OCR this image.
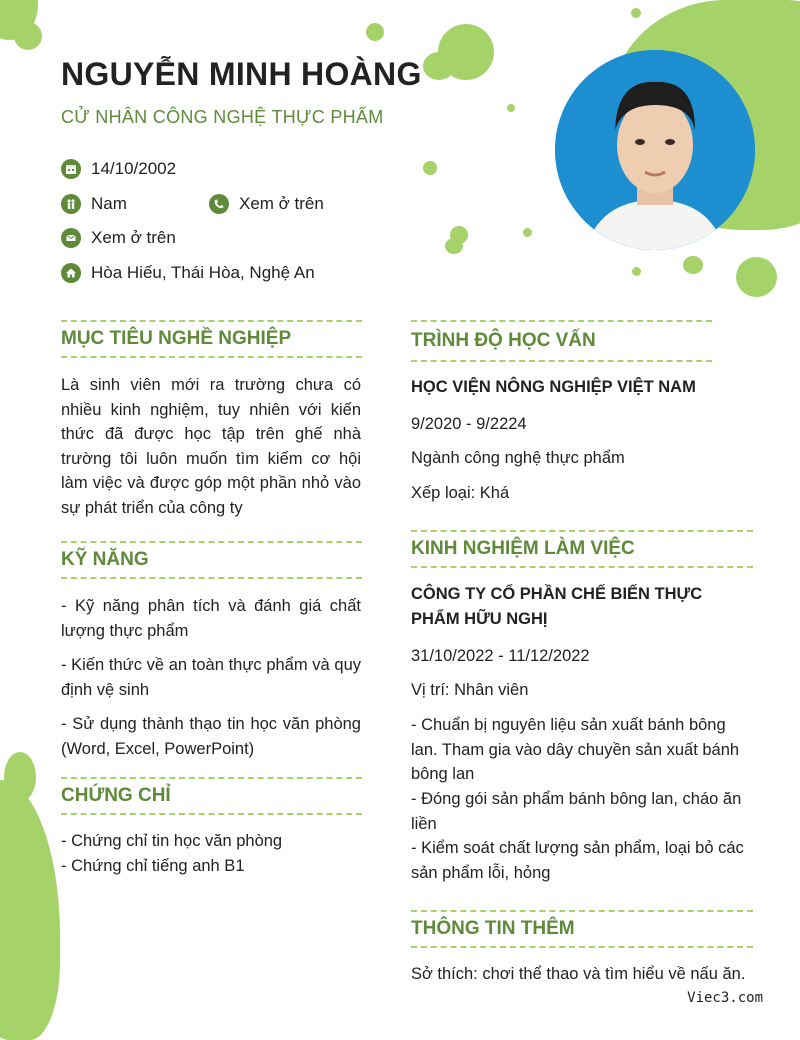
NGUYỄN MINH HOÀNG
CỬ NHÂN CÔNG NGHỆ THỰC PHẨM
14/10/2002
Nam	Xem ở trên
Xem ở trên
Hòa Hiếu, Thái Hòa, Nghệ An
MỤC TIÊU NGHỀ NGHIỆP

Là sinh viên mới ra trường chưa có nhiều kinh nghiệm, tuy nhiên với kiến thức đã được học tập trên ghế nhà trường tôi luôn muốn tìm kiếm cơ hội làm việc và được góp một phần nhỏ vào sự phát triển của công ty

KỸ NĂNG

- Kỹ năng phân tích và đánh giá chất lượng thực phẩm

- Kiến thức về an toàn thực phẩm và quy định vệ sinh

- Sử dụng thành thạo tin học văn phòng (Word, Excel, PowerPoint)

CHỨNG CHỈ

- Chứng chỉ tin học văn phòng

- Chứng chỉ tiếng anh B1

TRÌNH ĐỘ HỌC VẤN

HỌC VIỆN NÔNG NGHIỆP VIỆT NAM

9/2020 - 9/2224

Ngành công nghệ thực phẩm

Xếp loại: Khá

KINH NGHIỆM LÀM VIỆC

CÔNG TY CỔ PHẦN CHẾ BIẾN THỰC PHẨM HỮU NGHỊ

31/10/2022 - 11/12/2022

Vị trí: Nhân viên

- Chuẩn bị nguyên liệu sản xuất bánh bông lan. Tham gia vào dây chuyền sản xuất bánh bông lan

- Đóng gói sản phẩm bánh bông lan, cháo ăn liền

- Kiểm soát chất lượng sản phẩm, loại bỏ các sản phẩm lỗi, hỏng

THÔNG TIN THÊM

Sở thích: chơi thể thao và tìm hiểu về nấu ăn.

Viec3.com
